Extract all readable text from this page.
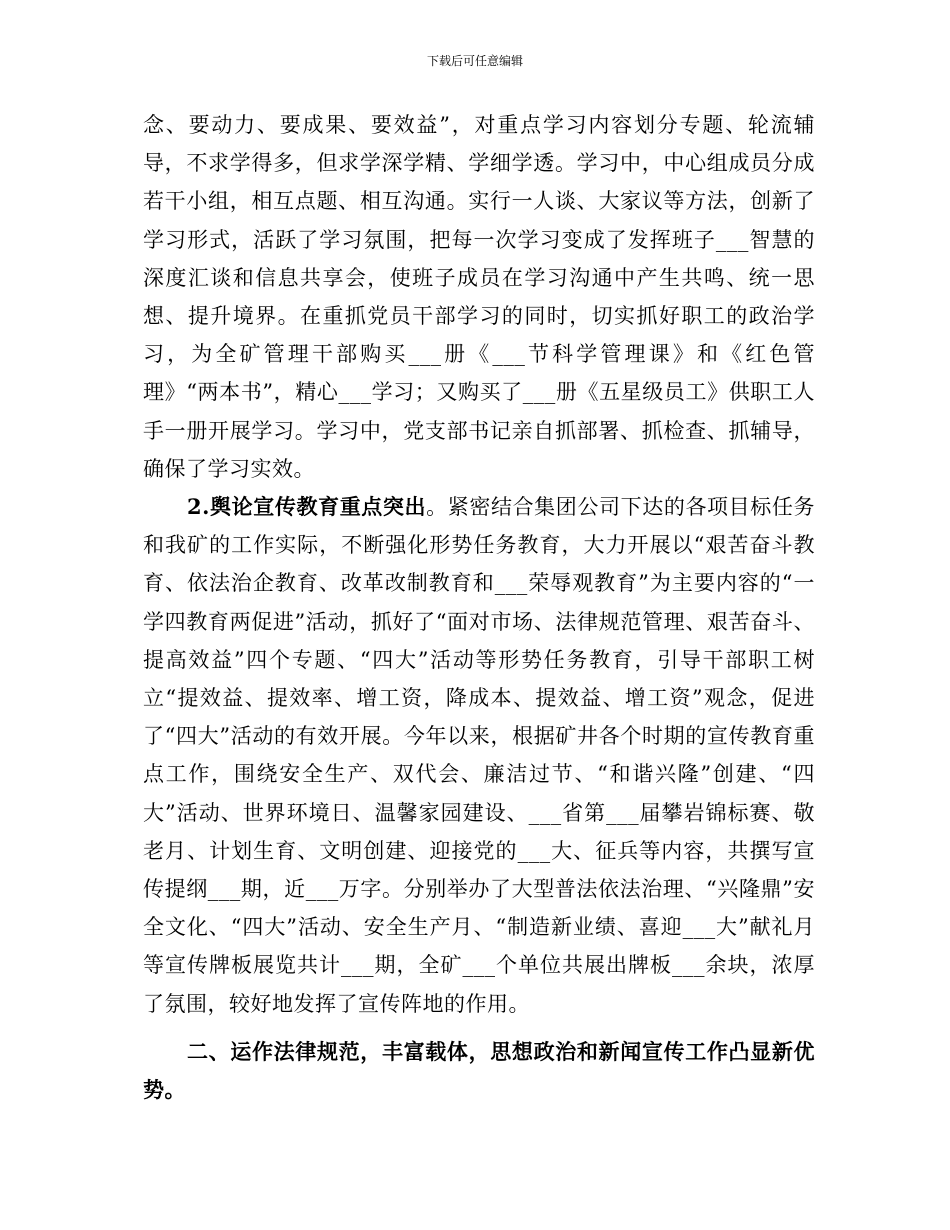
下载后可任意编辑

念、要动力、要成果、要效益”，对重点学习内容划分专题、轮流辅导，不求学得多，但求学深学精、学细学透。学习中，中心组成员分成若干小组，相互点题、相互沟通。实行一人谈、大家议等方法，创新了学习形式，活跃了学习氛围，把每一次学习变成了发挥班子___智慧的深度汇谈和信息共享会，使班子成员在学习沟通中产生共鸣、统一思想、提升境界。在重抓党员干部学习的同时，切实抓好职工的政治学习，为全矿管理干部购买___册《___节科学管理课》和《红色管理》“两本书”，精心___学习；又购买了___册《五星级员工》供职工人手一册开展学习。学习中，党支部书记亲自抓部署、抓检查、抓辅导，确保了学习实效。

2.舆论宣传教育重点突出。紧密结合集团公司下达的各项目标任务和我矿的工作实际，不断强化形势任务教育，大力开展以“艰苦奋斗教育、依法治企教育、改革改制教育和___荣辱观教育”为主要内容的“一学四教育两促进”活动，抓好了“面对市场、法律规范管理、艰苦奋斗、提高效益”四个专题、“四大”活动等形势任务教育，引导干部职工树立“提效益、提效率、增工资，降成本、提效益、增工资”观念，促进了“四大”活动的有效开展。今年以来，根据矿井各个时期的宣传教育重点工作，围绕安全生产、双代会、廉洁过节、“和谐兴隆”创建、“四大”活动、世界环境日、温馨家园建设、___省第___届攀岩锦标赛、敬老月、计划生育、文明创建、迎接党的___大、征兵等内容，共撰写宣传提纲___期，近___万字。分别举办了大型普法依法治理、“兴隆鼎”安全文化、“四大”活动、安全生产月、“制造新业绩、喜迎___大”献礼月等宣传牌板展览共计___期，全矿___个单位共展出牌板___余块，浓厚了氛围，较好地发挥了宣传阵地的作用。

二、运作法律规范，丰富载体，思想政治和新闻宣传工作凸显新优势。
